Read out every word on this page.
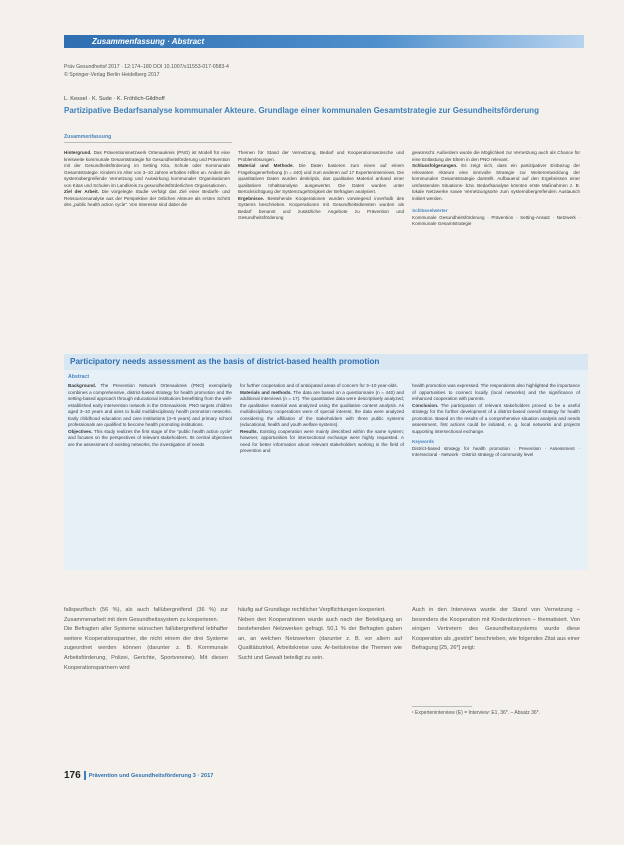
Zusammenfassung · Abstract
Präv Gesundheitsf 2017 · 12:174–180 DOI 10.1007/s11553-017-0583-4
© Springer-Verlag Berlin Heidelberg 2017
L. Kessel · K. Sude · K. Fröhlich-Gildhoff
Partizipative Bedarfsanalyse kommunaler Akteure. Grundlage einer kommunalen Gesamtstrategie zur Gesundheitsförderung
Zusammenfassung

Hintergrund. Das Präventionsnetzwerk Ortenaukreis (PNO) ist Modell für eine kreisweite kommunale Gesamtstrategie für Gesundheitsförderung und Prävention mit der Gesundheitsförderung im Setting Kita, Schule oder Kommunale Gesamtstrategie. Kindern im Alter von 3–10 Jahren erhalten Hilfen an. Anders die systemübergreifende Vernetzung und Auswirkung kommunaler Organisationen von Kitas und Schulen im Landkreis zu gesundheitsförderlichen Organisationen.

Ziel der Arbeit. Die vorgelegte Studie verfolgt das Ziel einer Bedarfs- und Ressourcenanalyse aus der Perspektive der örtlichen Akteure als ersten Schritt des „public health action cycle“. Von Interesse sind dabei die

Themen für Stand der Vernetzung, Bedarf und Kooperationswünsche und Problemlösungen.

Material und Methode. Die Daten basieren zum einen auf einem Fragebogenerhebung (n = 440) und zum anderen auf 17 Experteninterviews. Die quantitativen Daten wurden deskriptiv, das qualitative Material anhand einer qualitativen Inhaltsanalyse ausgewertet. Die Daten wurden unter Berücksichtigung der Systemzugehörigkeit der Befragten analysiert.

Ergebnisse. Bestehende Kooperationen wurden vorwiegend innerhalb des Systems beschrieben. Kooperationen mit Gesundheitsdiensten wurden als Bedarf benannt und zusätzliche Angebote zu Prävention und Gesundheitsförderung

gewünscht. Außerdem wurde die Möglichkeit zur Vernetzung auch als Chance für eine Entlastung der Eltern in den PNO relevant.

Schlussfolgerungen. Es zeigt sich, dass ein partizipativer Einbezug der relevanten Akteure eine sinnvolle Strategie zur Weiterentwicklung der kommunalen Gesamtstrategie darstellt. Aufbauend auf den Ergebnissen einer umfassenden Situations- bzw. Bedarfsanalyse könnten erste Maßnahmen z. B. lokale Netzwerke sowie Vernetzungsorte zum systemübergreifenden Austausch initiiert werden.

Schlüsselwörter

Kommunale Gesundheitsförderung · Prävention · Setting-Ansatz · Netzwerk · Kommunale Gesamtstrategie

Participatory needs assessment as the basis of district-based health promotion
Abstract

Background. The Prevention Network Ortenaukreis (PNO) exemplarily combines a comprehensive, district-based strategy for health promotion and the setting-based approach through educational institutions benefitting from the well-established early intervention network in the Ortenaukreis. PNO targets children aged 3–10 years and aims to build multidisciplinary health promotion networks. Early childhood education and care institutions (3–6 years) and primary school professionals are qualified to become health promoting institutions.

Objectives. This study realizes the first stage of the “public health action cycle” and focuses on the perspectives of relevant stakeholders. Its central objectives are the assessment of existing networks, the investigation of needs

for further cooperation and of anticipated areas of concern for 3–10 year-olds.

Materials and methods. The data are based on a questionnaire (n = 440) and additional interviews (n = 17). The quantitative data were descriptively analyzed; the qualitative material was analyzed using the qualitative content analysis. As multidisciplinary cooperations were of special interest, the data were analyzed considering the affiliation of the stakeholders with three public systems (educational, health and youth welfare systems).

Results. Existing cooperation were mainly described within the same system; however, opportunities for intersectional exchange were highly requested. A need for better information about relevant stakeholders working in the field of prevention and

health promotion was expressed. The respondents also highlighted the importance of opportunities to connect locally (local networks) and the significance of enhanced cooperation with parents.

Conclusion. The participation of relevant stakeholders proved to be a useful strategy for the further development of a district-based overall strategy for health promotion. Based on the results of a comprehensive situation analysis and needs assessment, first actions could be initiated, e. g. local networks and projects supporting intersectional exchange.

Keywords

District-based strategy for health promotion · Prevention · Assessment · Intersectoral · Network · District strategy of community level

fallspezifisch (56 %), als auch fallübergreifend (36 %) zur Zusammenarbeit mit dem Gesundheitssystem zu kooperieren.
Die Befragten aller Systeme wünschen fallübergreifend lebhafter weitere Kooperationspartner, die nicht einem der drei Systeme zugeordnet werden können (darunter z. B. Kommunale Arbeitsförderung, Polizei, Gerichte, Sportvereine). Mit diesen Kooperationspartnern wird
häufig auf Grundlage rechtlicher Verpflichtungen kooperiert.
Neben den Kooperationen wurde auch nach der Beteiligung an bestehenden Netzwerken gefragt. 50,1 % der Befragten gaben an, an welchen Netzwerken (darunter z. B. vor allem auf Qualitätszirkel, Arbeitskreise usw. Ar-beitskreise die Themen wie Sucht und Gewalt beteiligt zu sein.
Auch in den Interviews wurde der Stand von Vernetzung – besonders die Kooperation mit Kinderärztinnen – thematisiert. Von einigen Vertretern des Gesundheitssystems wurde diese Kooperation als „gestört“ beschrieben, wie folgendes Zitat aus einer Befragung [25, 26*] zeigt:
¹ Experteninterview (E) = Interview: E1, 36*. – Absatz 36*.
176 Prävention und Gesundheitsförderung 3 · 2017
